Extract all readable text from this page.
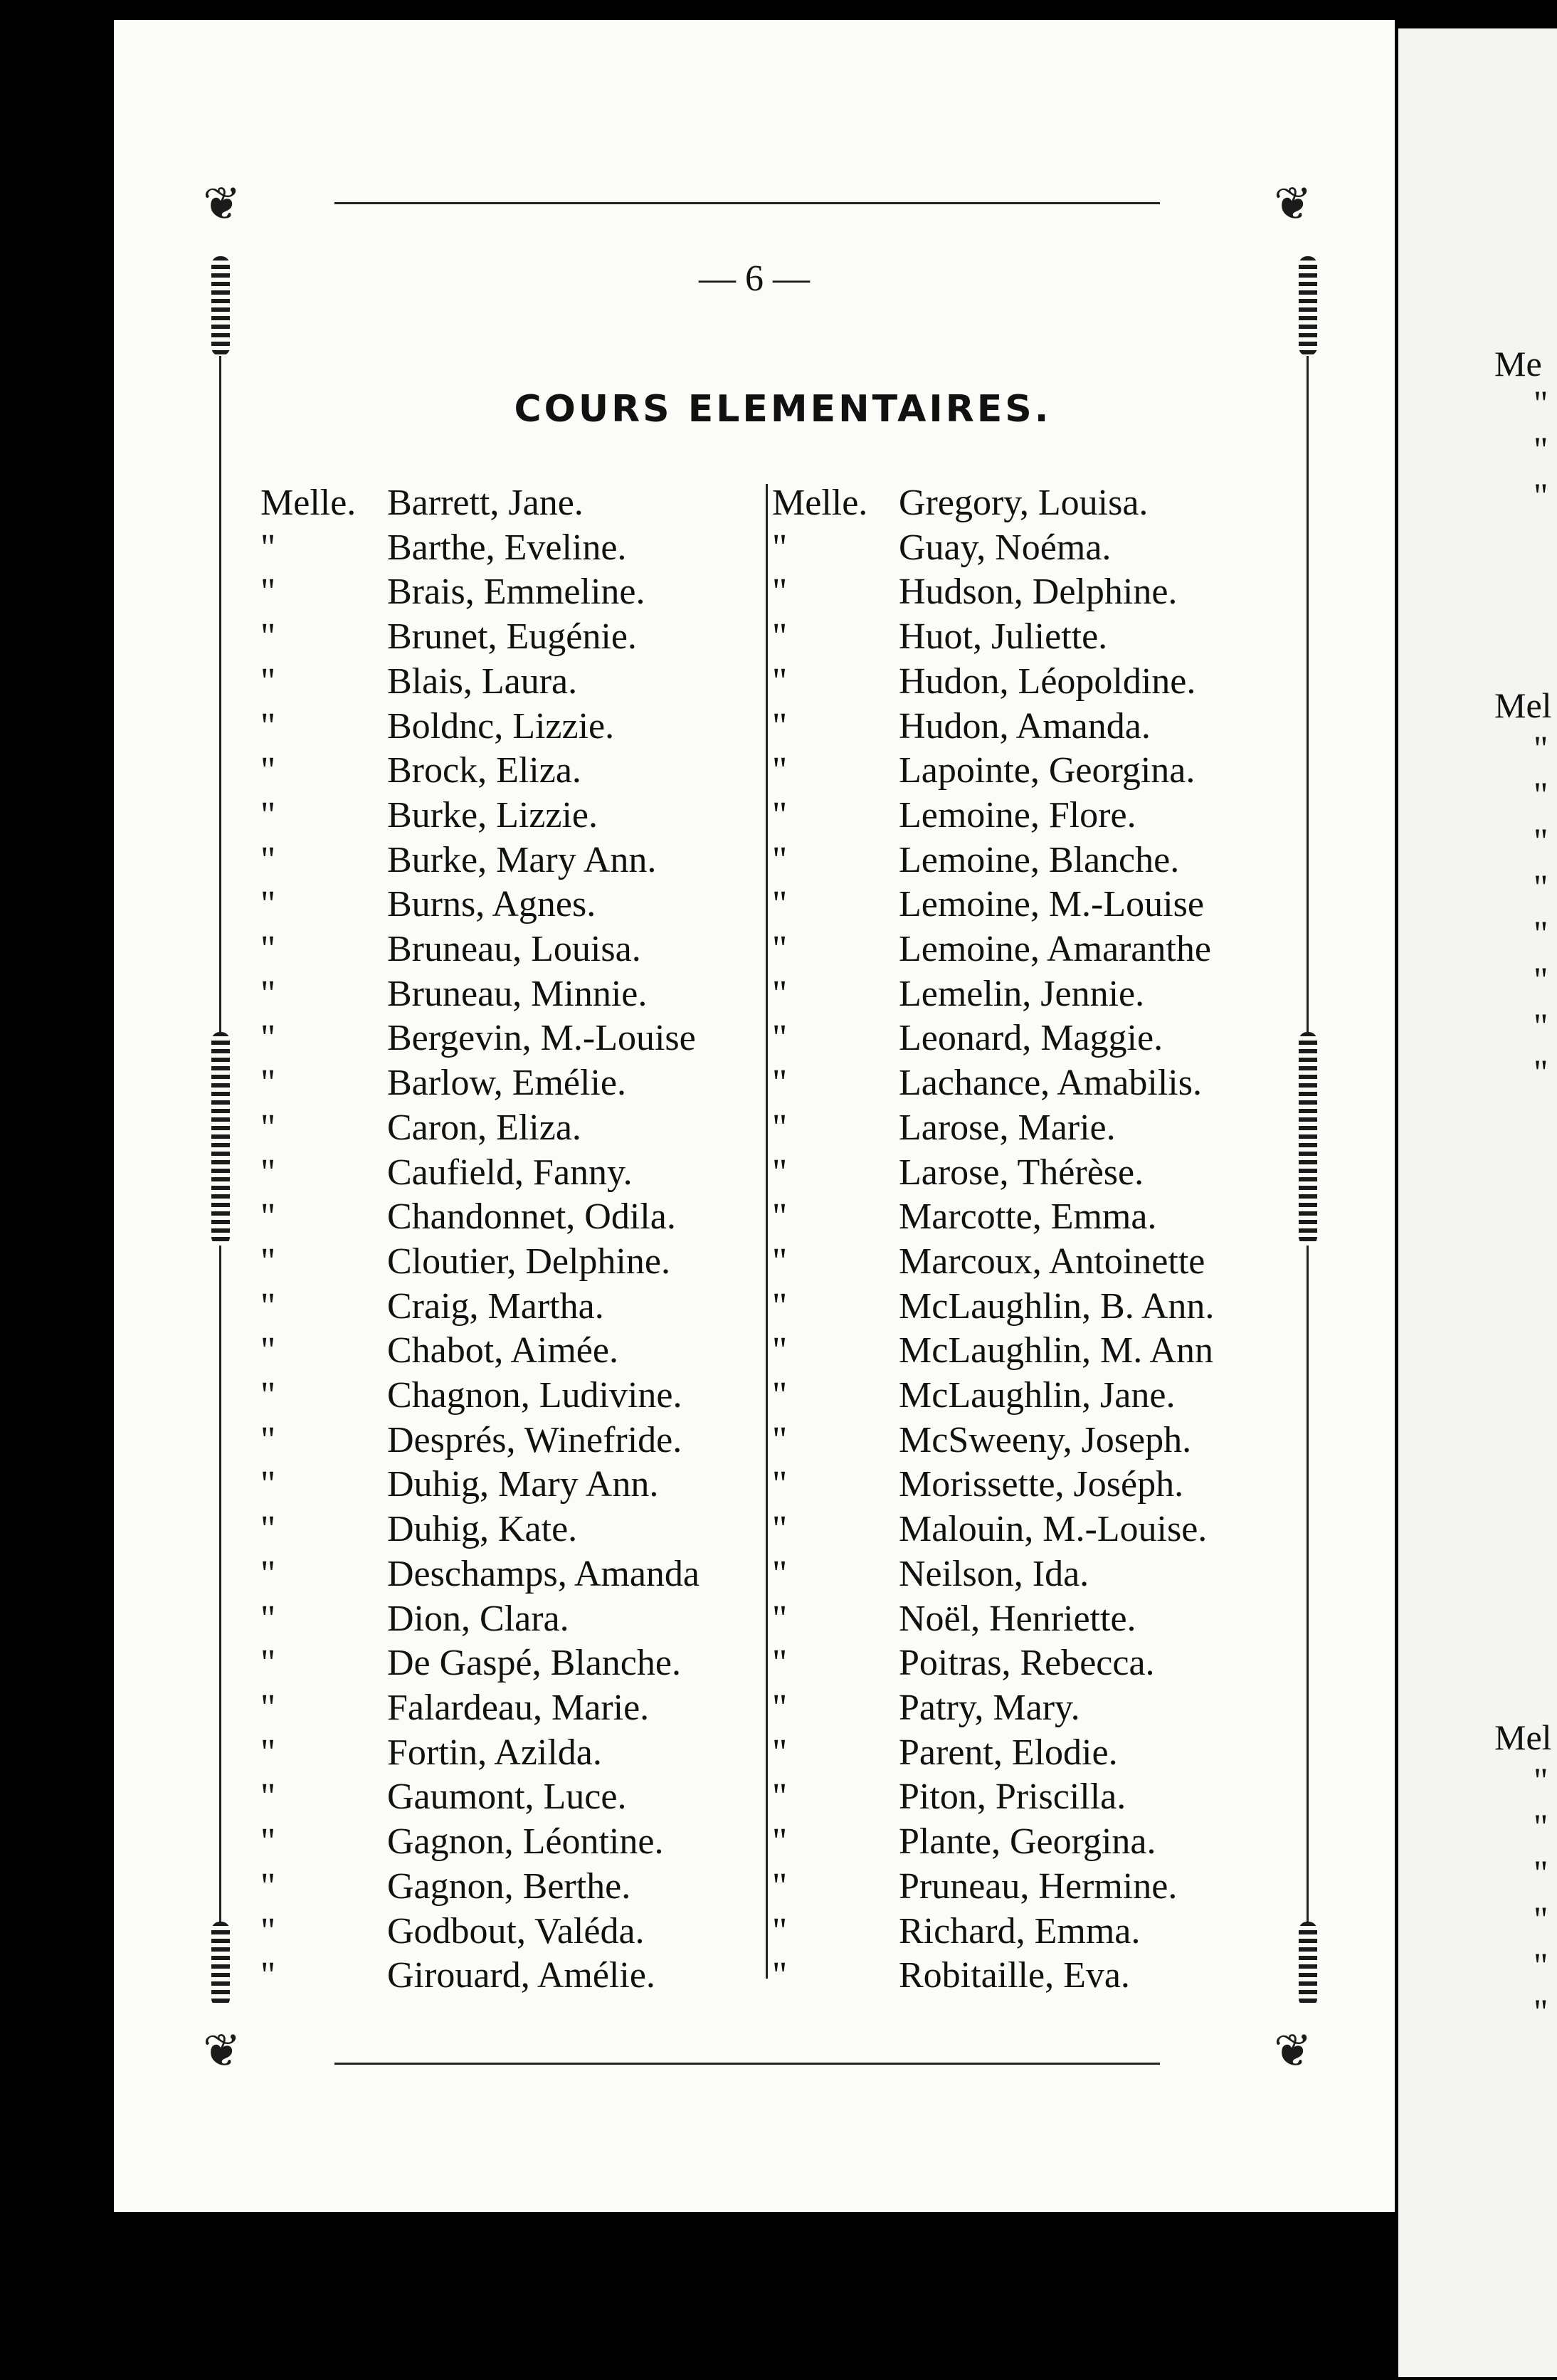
❦	❦
❦	❦
— 6 —
COURS ELEMENTAIRES.
Melle. Barrett, Jane.
"	Barthe, Eveline.
"	Brais, Emmeline.
"	Brunet, Eugénie.
"	Blais, Laura.
"	Boldnc, Lizzie.
"	Brock, Eliza.
"	Burke, Lizzie.
"	Burke, Mary Ann.
"	Burns, Agnes.
"	Bruneau, Louisa.
"	Bruneau, Minnie.
"	Bergevin, M.-Louise
"	Barlow, Emélie.
"	Caron, Eliza.
"	Caufield, Fanny.
"	Chandonnet, Odila.
"	Cloutier, Delphine.
"	Craig, Martha.
"	Chabot, Aimée.
"	Chagnon, Ludivine.
"	Després, Winefride.
"	Duhig, Mary Ann.
"	Duhig, Kate.
"	Deschamps, Amanda
"	Dion, Clara.
"	De Gaspé, Blanche.
"	Falardeau, Marie.
"	Fortin, Azilda.
"	Gaumont, Luce.
"	Gagnon, Léontine.
"	Gagnon, Berthe.
"	Godbout, Valéda.
"	Girouard, Amélie.
Melle. Gregory, Louisa.
"	Guay, Noéma.
"	Hudson, Delphine.
"	Huot, Juliette.
"	Hudon, Léopoldine.
"	Hudon, Amanda.
"	Lapointe, Georgina.
"	Lemoine, Flore.
"	Lemoine, Blanche.
"	Lemoine, M.-Louise
"	Lemoine, Amaranthe
"	Lemelin, Jennie.
"	Leonard, Maggie.
"	Lachance, Amabilis.
"	Larose, Marie.
"	Larose, Thérèse.
"	Marcotte, Emma.
"	Marcoux, Antoinette
"	McLaughlin, B. Ann.
"	McLaughlin, M. Ann
"	McLaughlin, Jane.
"	McSweeny, Joseph.
"	Morissette, Joséph.
"	Malouin, M.-Louise.
"	Neilson, Ida.
"	Noël, Henriette.
"	Poitras, Rebecca.
"	Patry, Mary.
"	Parent, Elodie.
"	Piton, Priscilla.
"	Plante, Georgina.
"	Pruneau, Hermine.
"	Richard, Emma.
"	Robitaille, Eva.
Me
"
"
"
Mel
"
"
"
"
"
"
"
"
Mel
"
"
"
"
"
"
